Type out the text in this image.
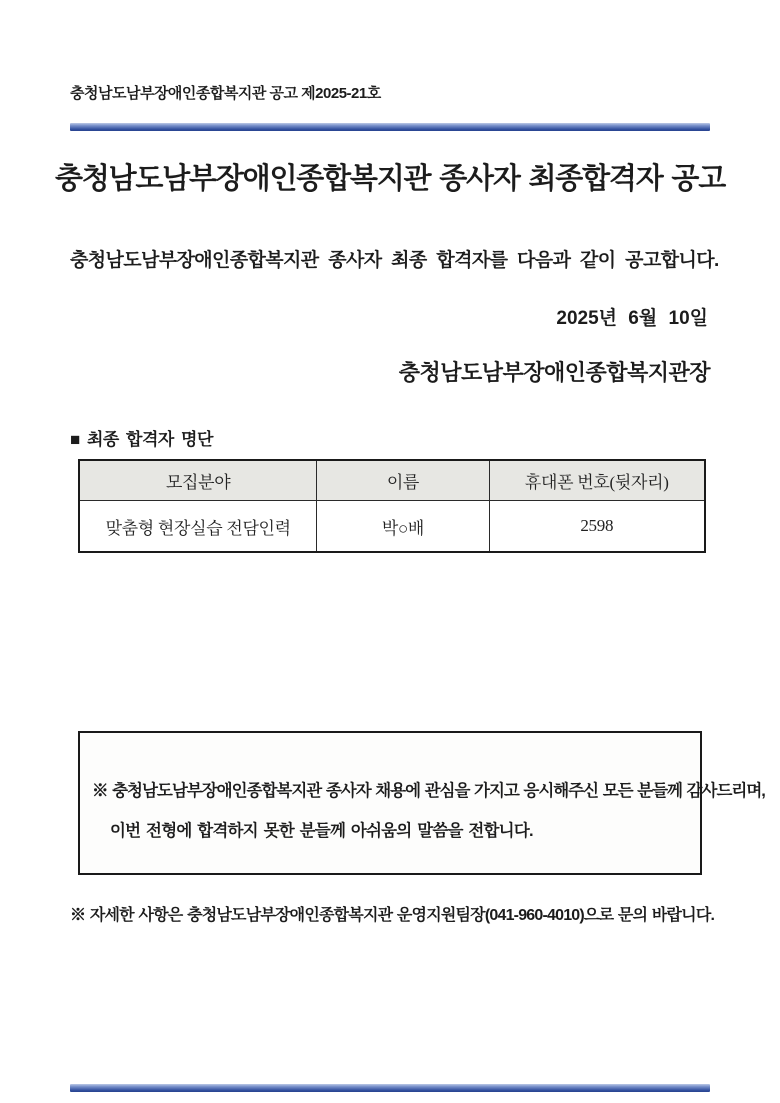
충청남도남부장애인종합복지관 공고 제2025-21호
충청남도남부장애인종합복지관 종사자 최종합격자 공고
충청남도남부장애인종합복지관 종사자 최종 합격자를 다음과 같이 공고합니다.
2025년 6월 10일
충청남도남부장애인종합복지관장
■ 최종 합격자 명단
모집분야	이름	휴대폰 번호(뒷자리)
맞춤형 현장실습 전담인력	박○배	2598
※ 충청남도남부장애인종합복지관 종사자 채용에 관심을 가지고 응시해주신 모든 분들께 감사드리며,
이번 전형에 합격하지 못한 분들께 아쉬움의 말씀을 전합니다.
※ 자세한 사항은 충청남도남부장애인종합복지관 운영지원팀장(041-960-4010)으로 문의 바랍니다.
